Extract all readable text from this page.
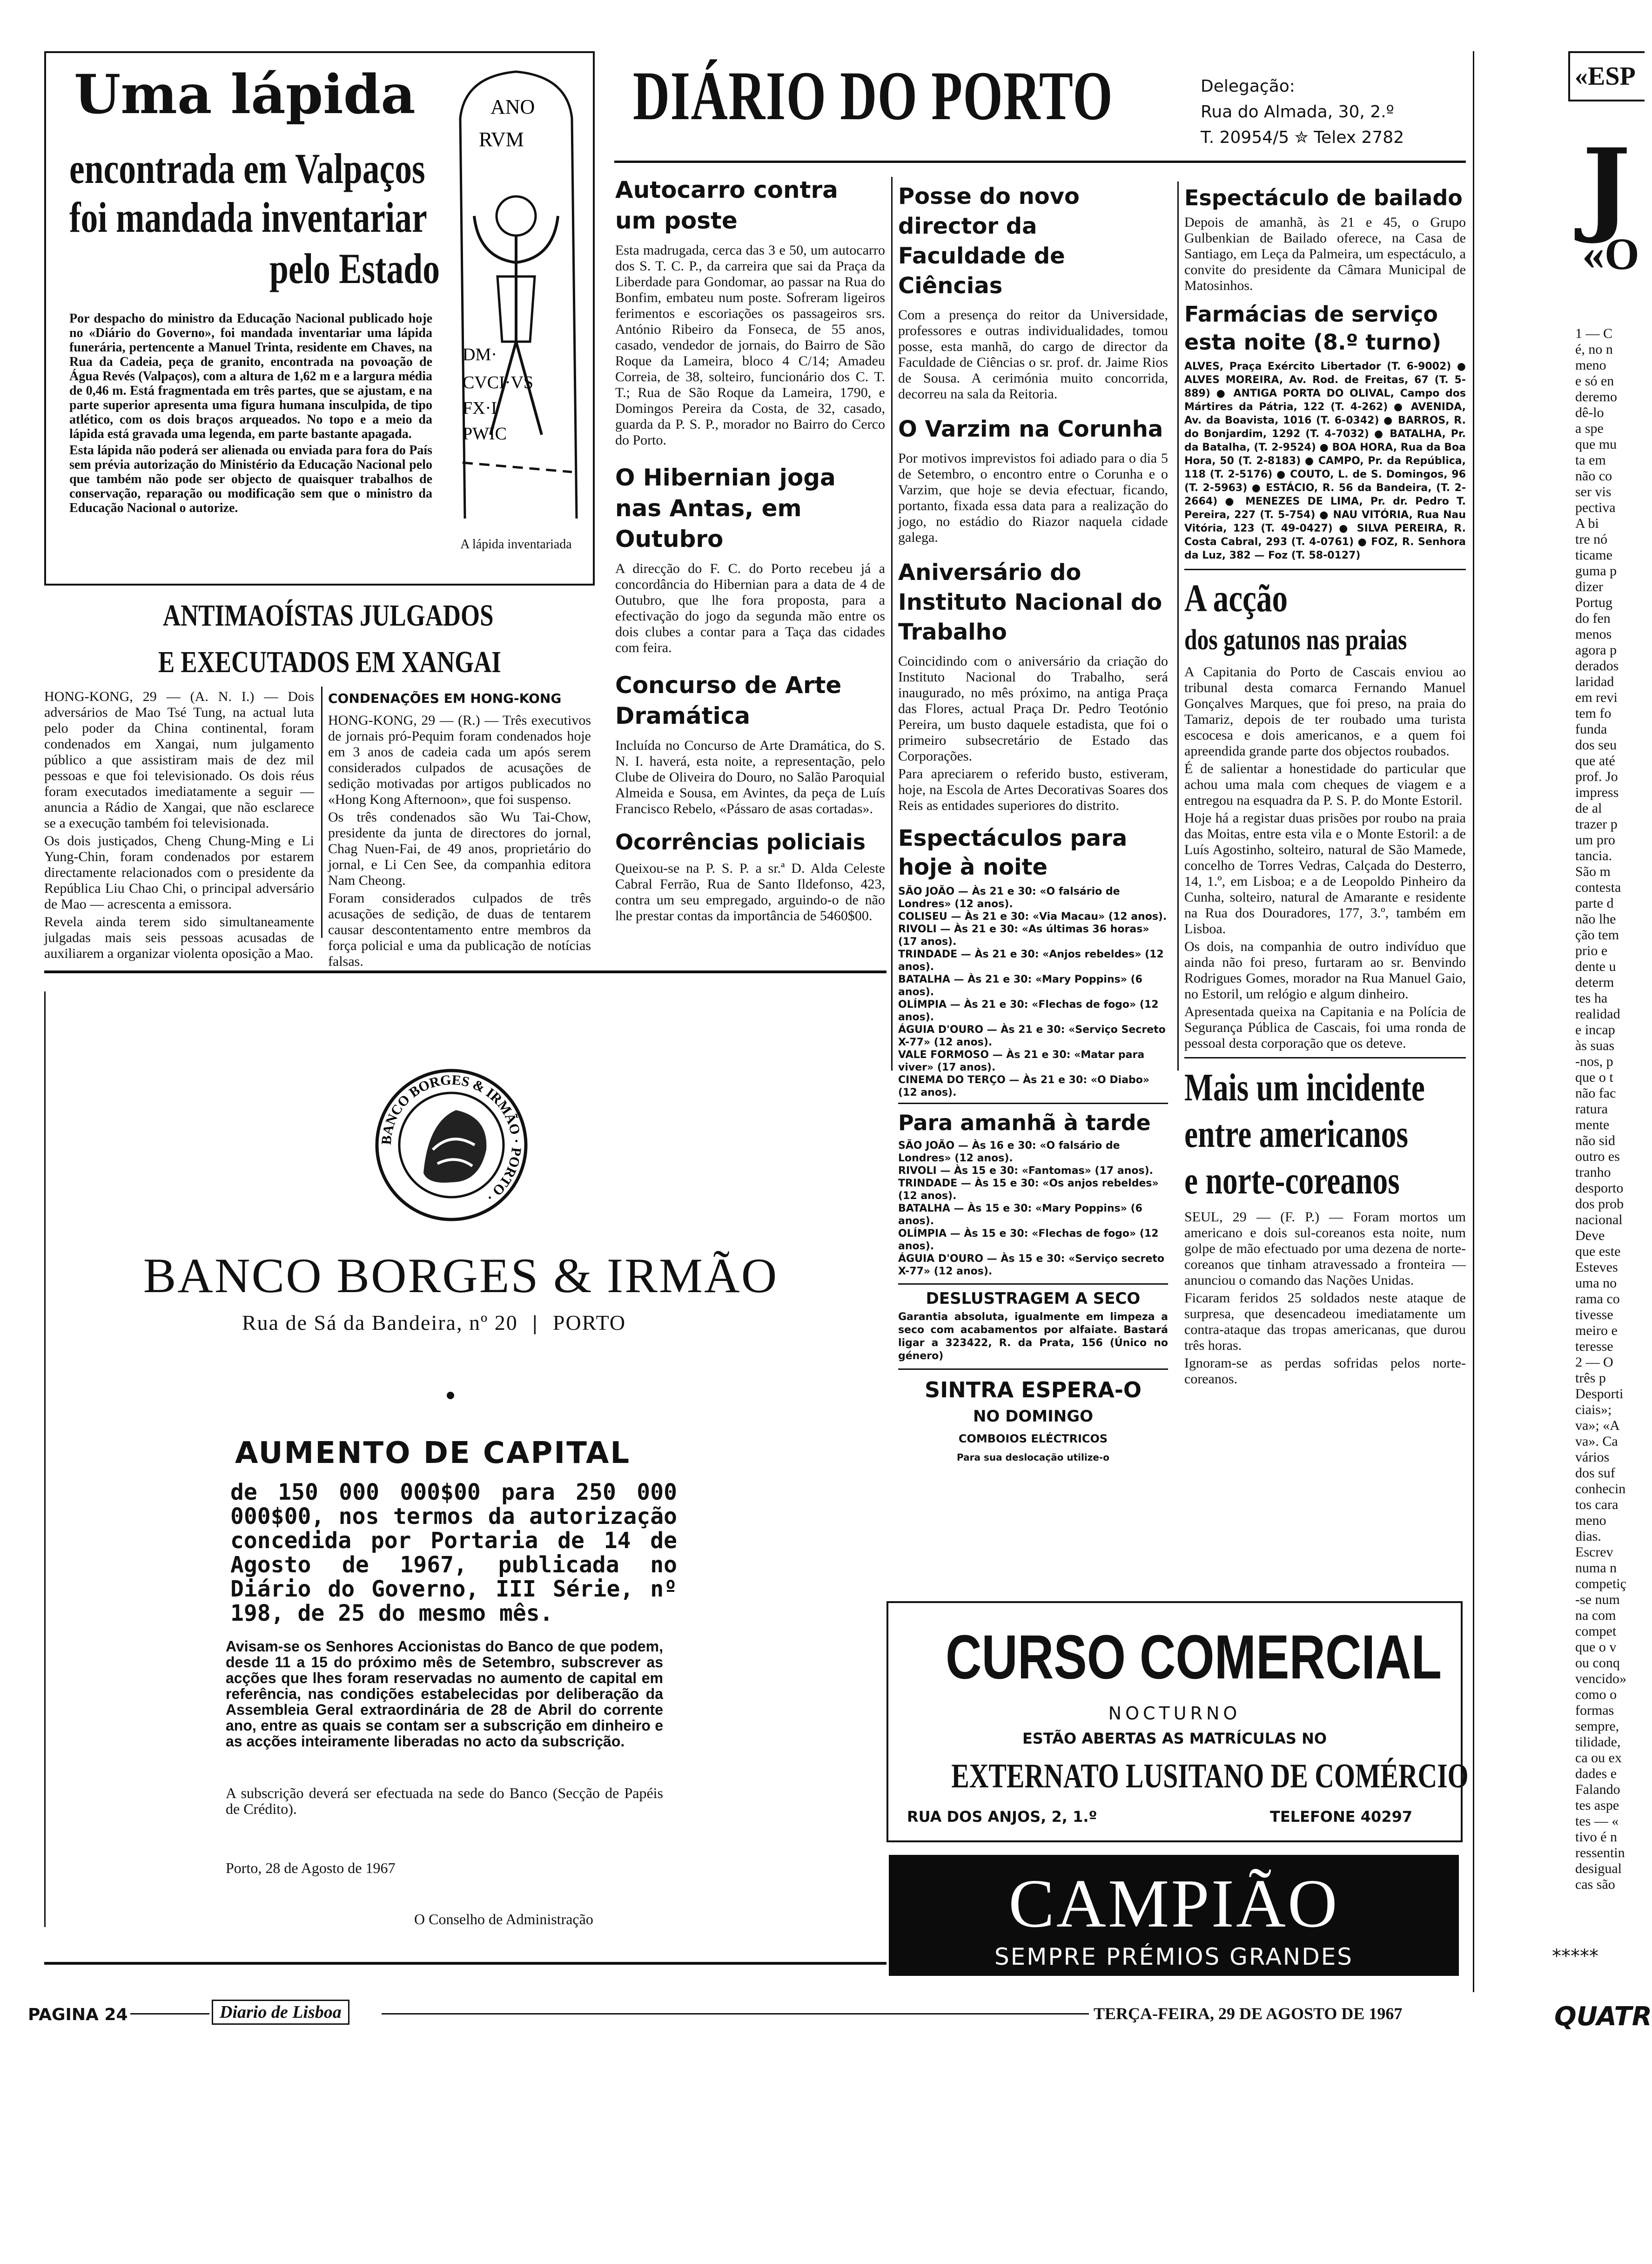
Uma lápida
encontrada em Valpaços
foi mandada inventariar
pelo Estado
ANO
RVM
DM·
CVCI·VS
FX·I
PWIC

Por despacho do ministro da Educação Nacional publicado hoje no «Diário do Governo», foi mandada inventariar uma lápida funerária, pertencente a Manuel Trinta, residente em Chaves, na Rua da Cadeia, peça de granito, encontrada na povoação de Água Revés (Valpaços), com a altura de 1,62 m e a largura média de 0,46 m. Está fragmentada em três partes, que se ajustam, e na parte superior apresenta uma figura humana insculpida, de tipo atlético, com os dois braços arqueados. No topo e a meio da lápida está gravada uma legenda, em parte bastante apagada.

Esta lápida não poderá ser alienada ou enviada para fora do País sem prévia autorização do Ministério da Educação Nacional pelo que também não pode ser objecto de quaisquer trabalhos de conservação, reparação ou modificação sem que o ministro da Educação Nacional o autorize.

A lápida inventariada
ANTIMAOÍSTAS JULGADOS
E EXECUTADOS EM XANGAI

HONG-KONG, 29 — (A. N. I.) — Dois adversários de Mao Tsé Tung, na actual luta pelo poder da China continental, foram condenados em Xangai, num julgamento público a que assistiram mais de dez mil pessoas e que foi televisionado. Os dois réus foram executados imediatamente a seguir — anuncia a Rádio de Xangai, que não esclarece se a execução também foi televisionada.

Os dois justiçados, Cheng Chung-Ming e Li Yung-Chin, foram condenados por estarem directamente relacionados com o presidente da República Liu Chao Chi, o principal adversário de Mao — acrescenta a emissora.

Revela ainda terem sido simultaneamente julgadas mais seis pessoas acusadas de auxiliarem a organizar violenta oposição a Mao.

CONDENAÇÕES EM HONG-KONG

HONG-KONG, 29 — (R.) — Três executivos de jornais pró-Pequim foram condenados hoje em 3 anos de cadeia cada um após serem considerados culpados de acusações de sedição motivadas por artigos publicados no «Hong Kong Afternoon», que foi suspenso.

Os três condenados são Wu Tai-Chow, presidente da junta de directores do jornal, Chag Nuen-Fai, de 49 anos, proprietário do jornal, e Li Cen See, da companhia editora Nam Cheong.

Foram considerados culpados de três acusações de sedição, de duas de tentarem causar descontentamento entre membros da força policial e uma da publicação de notícias falsas.

DIÁRIO DO PORTO	Delegação:
Rua do Almada, 30, 2.º
T. 20954/5 ✮ Telex 2782
Autocarro contra um poste

Esta madrugada, cerca das 3 e 50, um autocarro dos S. T. C. P., da carreira que sai da Praça da Liberdade para Gondomar, ao passar na Rua do Bonfim, embateu num poste. Sofreram ligeiros ferimentos e escoriações os passageiros srs. António Ribeiro da Fonseca, de 55 anos, casado, vendedor de jornais, do Bairro de São Roque da Lameira, bloco 4 C/14; Amadeu Correia, de 38, solteiro, funcionário dos C. T. T.; Rua de São Roque da Lameira, 1790, e Domingos Pereira da Costa, de 32, casado, guarda da P. S. P., morador no Bairro do Cerco do Porto.

O Hibernian joga nas Antas, em Outubro

A direcção do F. C. do Porto recebeu já a concordância do Hibernian para a data de 4 de Outubro, que lhe fora proposta, para a efectivação do jogo da segunda mão entre os dois clubes a contar para a Taça das cidades com feira.

Concurso de Arte Dramática

Incluída no Concurso de Arte Dramática, do S. N. I. haverá, esta noite, a representação, pelo Clube de Oliveira do Douro, no Salão Paroquial Almeida e Sousa, em Avintes, da peça de Luís Francisco Rebelo, «Pássaro de asas cortadas».

Ocorrências policiais

Queixou-se na P. S. P. a sr.ª D. Alda Celeste Cabral Ferrão, Rua de Santo Ildefonso, 423, contra um seu empregado, arguindo-o de não lhe prestar contas da importância de 5460$00.

Posse do novo director da Faculdade de Ciências

Com a presença do reitor da Universidade, professores e outras individualidades, tomou posse, esta manhã, do cargo de director da Faculdade de Ciências o sr. prof. dr. Jaime Rios de Sousa. A cerimónia muito concorrida, decorreu na sala da Reitoria.

O Varzim na Corunha

Por motivos imprevistos foi adiado para o dia 5 de Setembro, o encontro entre o Corunha e o Varzim, que hoje se devia efectuar, ficando, portanto, fixada essa data para a realização do jogo, no estádio do Riazor naquela cidade galega.

Aniversário do Instituto Nacional do Trabalho

Coincidindo com o aniversário da criação do Instituto Nacional do Trabalho, será inaugurado, no mês próximo, na antiga Praça das Flores, actual Praça Dr. Pedro Teotónio Pereira, um busto daquele estadista, que foi o primeiro subsecretário de Estado das Corporações.

Para apreciarem o referido busto, estiveram, hoje, na Escola de Artes Decorativas Soares dos Reis as entidades superiores do distrito.

Espectáculos para hoje à noite
SÃO JOÃO — Às 21 e 30: «O falsário de Londres» (12 anos).
COLISEU — Às 21 e 30: «Via Macau» (12 anos).
RIVOLI — Às 21 e 30: «As últimas 36 horas» (17 anos).
TRINDADE — Às 21 e 30: «Anjos rebeldes» (12 anos).
BATALHA — Às 21 e 30: «Mary Poppins» (6 anos).
OLÍMPIA — Às 21 e 30: «Flechas de fogo» (12 anos).
ÁGUIA D'OURO — Às 21 e 30: «Serviço Secreto X-77» (12 anos).
VALE FORMOSO — Às 21 e 30: «Matar para viver» (17 anos).
CINEMA DO TERÇO — Às 21 e 30: «O Diabo» (12 anos).
Para amanhã à tarde
SÃO JOÃO — Às 16 e 30: «O falsário de Londres» (12 anos).
RIVOLI — Às 15 e 30: «Fantomas» (17 anos).
TRINDADE — Às 15 e 30: «Os anjos rebeldes» (12 anos).
BATALHA — Às 15 e 30: «Mary Poppins» (6 anos).
OLÍMPIA — Às 15 e 30: «Flechas de fogo» (12 anos).
ÁGUIA D'OURO — Às 15 e 30: «Serviço secreto X-77» (12 anos).
DESLUSTRAGEM A SECO

Garantia absoluta, igualmente em limpeza a seco com acabamentos por alfaiate. Bastará ligar a 323422, R. da Prata, 156 (Único no género)

SINTRA ESPERA-O
NO DOMINGO
COMBOIOS ELÉCTRICOS
Para sua deslocação utilize-o
Espectáculo de bailado

Depois de amanhã, às 21 e 45, o Grupo Gulbenkian de Bailado oferece, na Casa de Santiago, em Leça da Palmeira, um espectáculo, a convite do presidente da Câmara Municipal de Matosinhos.

Farmácias de serviço esta noite (8.º turno)

ALVES, Praça Exército Libertador (T. 6-9002) ● ALVES MOREIRA, Av. Rod. de Freitas, 67 (T. 5-889) ● ANTIGA PORTA DO OLIVAL, Campo dos Mártires da Pátria, 122 (T. 4-262) ● AVENIDA, Av. da Boavista, 1016 (T. 6-0342) ● BARROS, R. do Bonjardim, 1292 (T. 4-7032) ● BATALHA, Pr. da Batalha, (T. 2-9524) ● BOA HORA, Rua da Boa Hora, 50 (T. 2-8183) ● CAMPO, Pr. da República, 118 (T. 2-5176) ● COUTO, L. de S. Domingos, 96 (T. 2-5963) ● ESTÁCIO, R. 56 da Bandeira, (T. 2-2664) ● MENEZES DE LIMA, Pr. dr. Pedro T. Pereira, 227 (T. 5-754) ● NAU VITÓRIA, Rua Nau Vitória, 123 (T. 49-0427) ● SILVA PEREIRA, R. Costa Cabral, 293 (T. 4-0761) ● FOZ, R. Senhora da Luz, 382 — Foz (T. 58-0127)

A acção
dos gatunos nas praias

A Capitania do Porto de Cascais enviou ao tribunal desta comarca Fernando Manuel Gonçalves Marques, que foi preso, na praia do Tamariz, depois de ter roubado uma turista escocesa e dois americanos, e a quem foi apreendida grande parte dos objectos roubados.

É de salientar a honestidade do particular que achou uma mala com cheques de viagem e a entregou na esquadra da P. S. P. do Monte Estoril.

Hoje há a registar duas prisões por roubo na praia das Moitas, entre esta vila e o Monte Estoril: a de Luís Agostinho, solteiro, natural de São Mamede, concelho de Torres Vedras, Calçada do Desterro, 14, 1.º, em Lisboa; e a de Leopoldo Pinheiro da Cunha, solteiro, natural de Amarante e residente na Rua dos Douradores, 177, 3.º, também em Lisboa.

Os dois, na companhia de outro indivíduo que ainda não foi preso, furtaram ao sr. Benvindo Rodrigues Gomes, morador na Rua Manuel Gaio, no Estoril, um relógio e algum dinheiro.

Apresentada queixa na Capitania e na Polícia de Segurança Pública de Cascais, foi uma ronda de pessoal desta corporação que os deteve.

Mais um incidente
entre americanos
e norte-coreanos

SEUL, 29 — (F. P.) — Foram mortos um americano e dois sul-coreanos esta noite, num golpe de mão efectuado por uma dezena de norte-coreanos que tinham atravessado a fronteira — anunciou o comando das Nações Unidas.

Ficaram feridos 25 soldados neste ataque de surpresa, que desencadeou imediatamente um contra-ataque das tropas americanas, que durou três horas.

Ignoram-se as perdas sofridas pelos norte-coreanos.

BANCO BORGES & IRMÃO · PORTO ·
BANCO BORGES & IRMÃO
Rua de Sá da Bandeira, nº 20 | PORTO
AUMENTO DE CAPITAL
de 150 000 000$00 para 250 000 000$00, nos termos da autorização concedida por Portaria de 14 de Agosto de 1967, publicada no Diário do Governo, III Série, nº 198, de 25 do mesmo mês.
Avisam-se os Senhores Accionistas do Banco de que podem, desde 11 a 15 do próximo mês de Setembro, subscrever as acções que lhes foram reservadas no aumento de capital em referência, nas condições estabelecidas por deliberação da Assembleia Geral extraordinária de 28 de Abril do corrente ano, entre as quais se contam ser a subscrição em dinheiro e as acções inteiramente liberadas no acto da subscrição.
A subscrição deverá ser efectuada na sede do Banco (Secção de Papéis de Crédito).
Porto, 28 de Agosto de 1967
O Conselho de Administração
CURSO COMERCIAL
NOCTURNO
ESTÃO ABERTAS AS MATRÍCULAS NO
EXTERNATO LUSITANO DE COMÉRCIO
RUA DOS ANJOS, 2, 1.º	TELEFONE 40297
CAMPIÃO
SEMPRE PRÉMIOS GRANDES
PAGINA 24	Diario de Lisboa	TERÇA-FEIRA, 29 DE AGOSTO DE 1967
«ESP
J
«O
1 — C
é, no n
meno
e só en
deremo
dê-lo
a spe
que mu
ta em
não co
ser vis
pectiva
A bi
tre nó
ticame
guma p
dizer
Portug
do fen
menos
agora p
derados
laridad
em revi
tem fo
funda
dos seu
que até
prof. Jo
impress
de al
trazer p
um pro
tancia.
São m
contesta
parte d
não lhe
ção tem
prio e
dente u
determ
tes ha
realidad
e incap
às suas
-nos, p
que o t
não fac
ratura
mente
não sid
outro es
tranho
desporto
dos prob
nacional
Deve
que este
Esteves
uma no
rama co
tivesse
meiro e
teresse
2 — O
três p
Desporti
ciais»;
va»; «A
va». Ca
vários
dos suf
conhecin
tos cara
meno
dias.
Escrev
numa n
competiç
-se num
na com
compet
que o v
ou conq
vencido»
como o
formas
sempre,
tilidade,
ca ou ex
dades e
Falando
tes aspe
tes — «
tivo é n
ressentin
desigual
cas são
*****
QUATR
